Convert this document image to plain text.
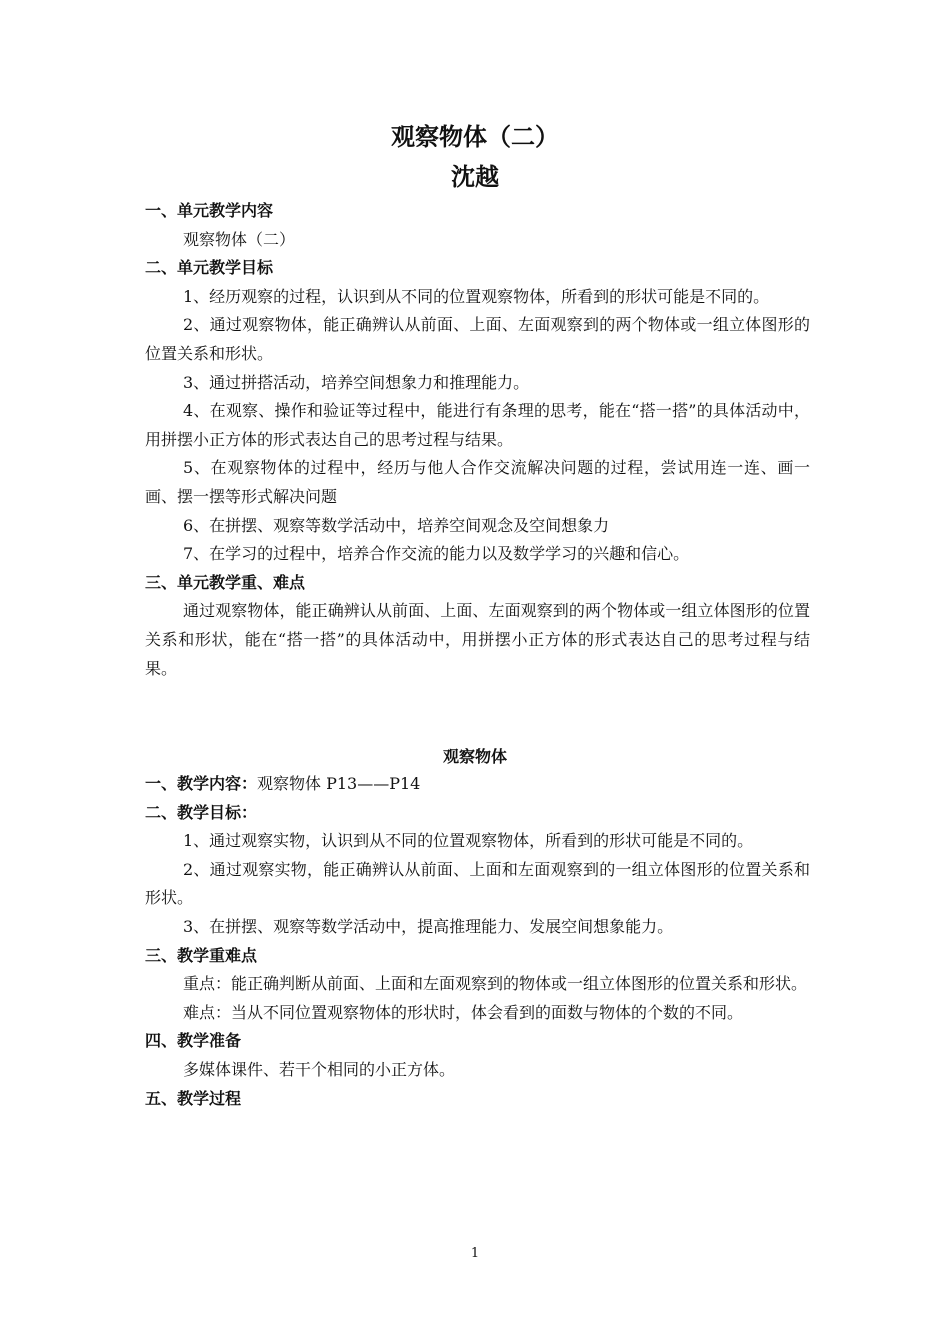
观察物体（二）
沈越

一、单元教学内容

观察物体（二）

二、单元教学目标

1、经历观察的过程，认识到从不同的位置观察物体，所看到的形状可能是不同的。

2、通过观察物体，能正确辨认从前面、上面、左面观察到的两个物体或一组立体图形的位置关系和形状。

3、通过拼搭活动，培养空间想象力和推理能力。

4、在观察、操作和验证等过程中，能进行有条理的思考，能在“搭一搭”的具体活动中，用拼摆小正方体的形式表达自己的思考过程与结果。

5、在观察物体的过程中，经历与他人合作交流解决问题的过程，尝试用连一连、画一画、摆一摆等形式解决问题

6、在拼摆、观察等数学活动中，培养空间观念及空间想象力

7、在学习的过程中，培养合作交流的能力以及数学学习的兴趣和信心。

三、单元教学重、难点

通过观察物体，能正确辨认从前面、上面、左面观察到的两个物体或一组立体图形的位置关系和形状，能在“搭一搭”的具体活动中，用拼摆小正方体的形式表达自己的思考过程与结果。

观察物体

一、教学内容：观察物体 P13——P14

二、教学目标：

1、通过观察实物，认识到从不同的位置观察物体，所看到的形状可能是不同的。

2、通过观察实物，能正确辨认从前面、上面和左面观察到的一组立体图形的位置关系和形状。

3、在拼摆、观察等数学活动中，提高推理能力、发展空间想象能力。

三、教学重难点

重点：能正确判断从前面、上面和左面观察到的物体或一组立体图形的位置关系和形状。

难点：当从不同位置观察物体的形状时，体会看到的面数与物体的个数的不同。

四、教学准备

多媒体课件、若干个相同的小正方体。

五、教学过程

1
